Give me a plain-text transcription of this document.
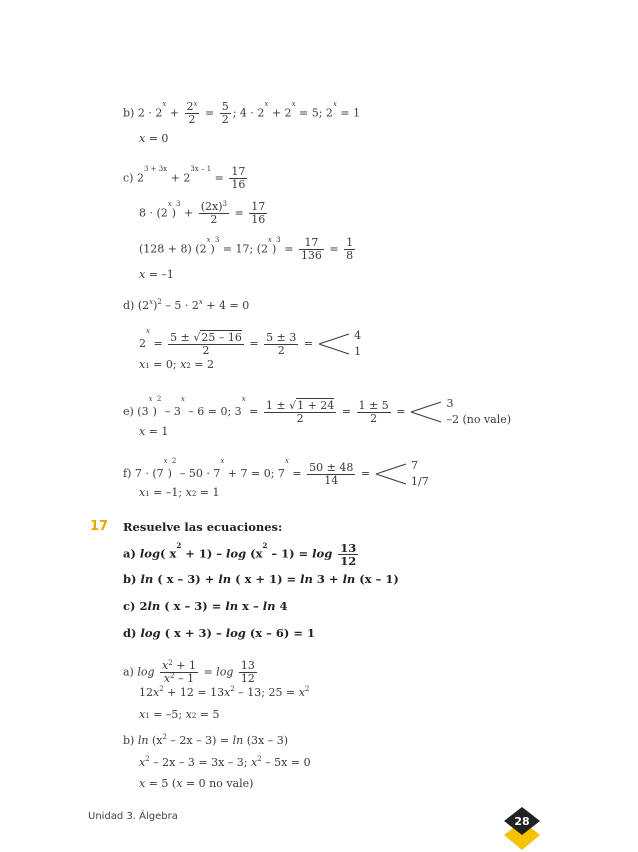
b) $2 \cdot 2^x + \frac{2^x}{2} = \frac{5}{2}$ ; $4 \cdot 2^x + 2^x = 5$; $2^x = 1$
x = 0
c) $2^{3 + 3x} + 2^{3x - 1} = \frac{17}{16}$
$8 \cdot (2^x)^3 + \frac{(2x)^3}{2} = \frac{17}{16}$
(128 + 8) $(2^x)^3 = 17$; $(2^x)^3 = \frac{17}{136} = \frac{1}{8}$
x = –1
d) $(2^x)^2 - 5 \cdot 2^x + 4 = 0$
$2^x = \frac{5 \pm √25 - 16}{2} = \frac{5 \pm 3}{2} = 4$
1
$x_1 = 0$; $x_2 = 2$
e) $(3^x)^2 - 3^x - 6 = 0$; $3^x = \frac{1 \pm √1 + 24}{2} = \frac{1 \pm 5}{2} = 3$
–2 (no vale)
x = 1
f) $7 \cdot (7^x)^2 - 50 \cdot 7^x + 7 = 0$; $7^x = \frac{50 \pm 48}{14} = 7$
1/7
$x_1 = -1$; $x_2 = 1$
17 Resuelve las ecuaciones:
a) log( $x^2 + 1) - \log (x^2 - 1) = \log \frac{13}{12}$
b) ln ( x – 3) + ln ( x + 1) = ln 3 + ln (x – 1)
c) 2ln ( x – 3) = ln x – ln 4
d) log ( x + 3) – log (x – 6) = 1
a) $\log \frac{x^2 + 1}{x^2 - 1} = \log \frac{13}{12}$
$12x^2 + 12 = 13x^2 - 13$; $25 = x^2$
$x_1 = -5$; $x_2 = 5$
b) $\ln (x^2 - 2x - 3) = \ln (3x - 3)$
$x^2 - 2x - 3 = 3x - 3$; $x^2 - 5x = 0$
x = 5 (x = 0 no vale)
Unidad 3. Álgebra	28
